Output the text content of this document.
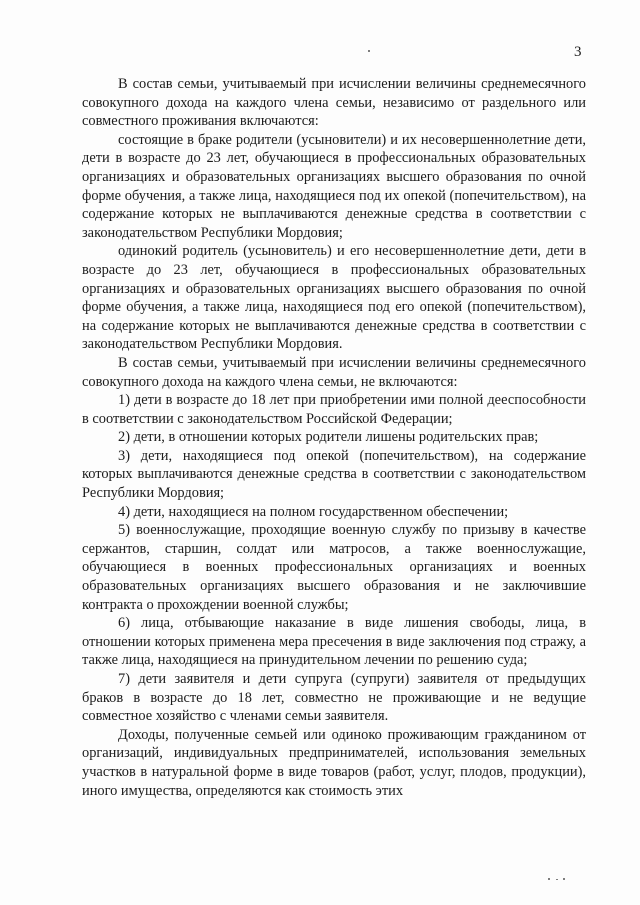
3

В состав семьи, учитываемый при исчислении величины среднемесячного совокупного дохода на каждого члена семьи, независимо от раздельного или совместного проживания включаются:

состоящие в браке родители (усыновители) и их несовершеннолетние дети, дети в возрасте до 23 лет, обучающиеся в профессиональных образовательных организациях и образовательных организациях высшего образования по очной форме обучения, а также лица, находящиеся под их опекой (попечительством), на содержание которых не выплачиваются денежные средства в соответствии с законодательством Республики Мордовия;

одинокий родитель (усыновитель) и его несовершеннолетние дети, дети в возрасте до 23 лет, обучающиеся в профессиональных образовательных организациях и образовательных организациях высшего образования по очной форме обучения, а также лица, находящиеся под его опекой (попечительством), на содержание которых не выплачиваются денежные средства в соответствии с законодательством Республики Мордовия.

В состав семьи, учитываемый при исчислении величины среднемесячного совокупного дохода на каждого члена семьи, не включаются:

1) дети в возрасте до 18 лет при приобретении ими полной дееспособности в соответствии с законодательством Российской Федерации;

2) дети, в отношении которых родители лишены родительских прав;

3) дети, находящиеся под опекой (попечительством), на содержание которых выплачиваются денежные средства в соответствии с законодательством Республики Мордовия;

4) дети, находящиеся на полном государственном обеспечении;

5) военнослужащие, проходящие военную службу по призыву в качестве сержантов, старшин, солдат или матросов, а также военнослужащие, обучающиеся в военных профессиональных организациях и военных образовательных организациях высшего образования и не заключившие контракта о прохождении военной службы;

6) лица, отбывающие наказание в виде лишения свободы, лица, в отношении которых применена мера пресечения в виде заключения под стражу, а также лица, находящиеся на принудительном лечении по решению суда;

7) дети заявителя и дети супруга (супруги) заявителя от предыдущих браков в возрасте до 18 лет, совместно не проживающие и не ведущие совместное хозяйство с членами семьи заявителя.

Доходы, полученные семьей или одиноко проживающим гражданином от организаций, индивидуальных предпринимателей, использования земельных участков в натуральной форме в виде товаров (работ, услуг, плодов, продукции), иного имущества, определяются как стоимость этих
